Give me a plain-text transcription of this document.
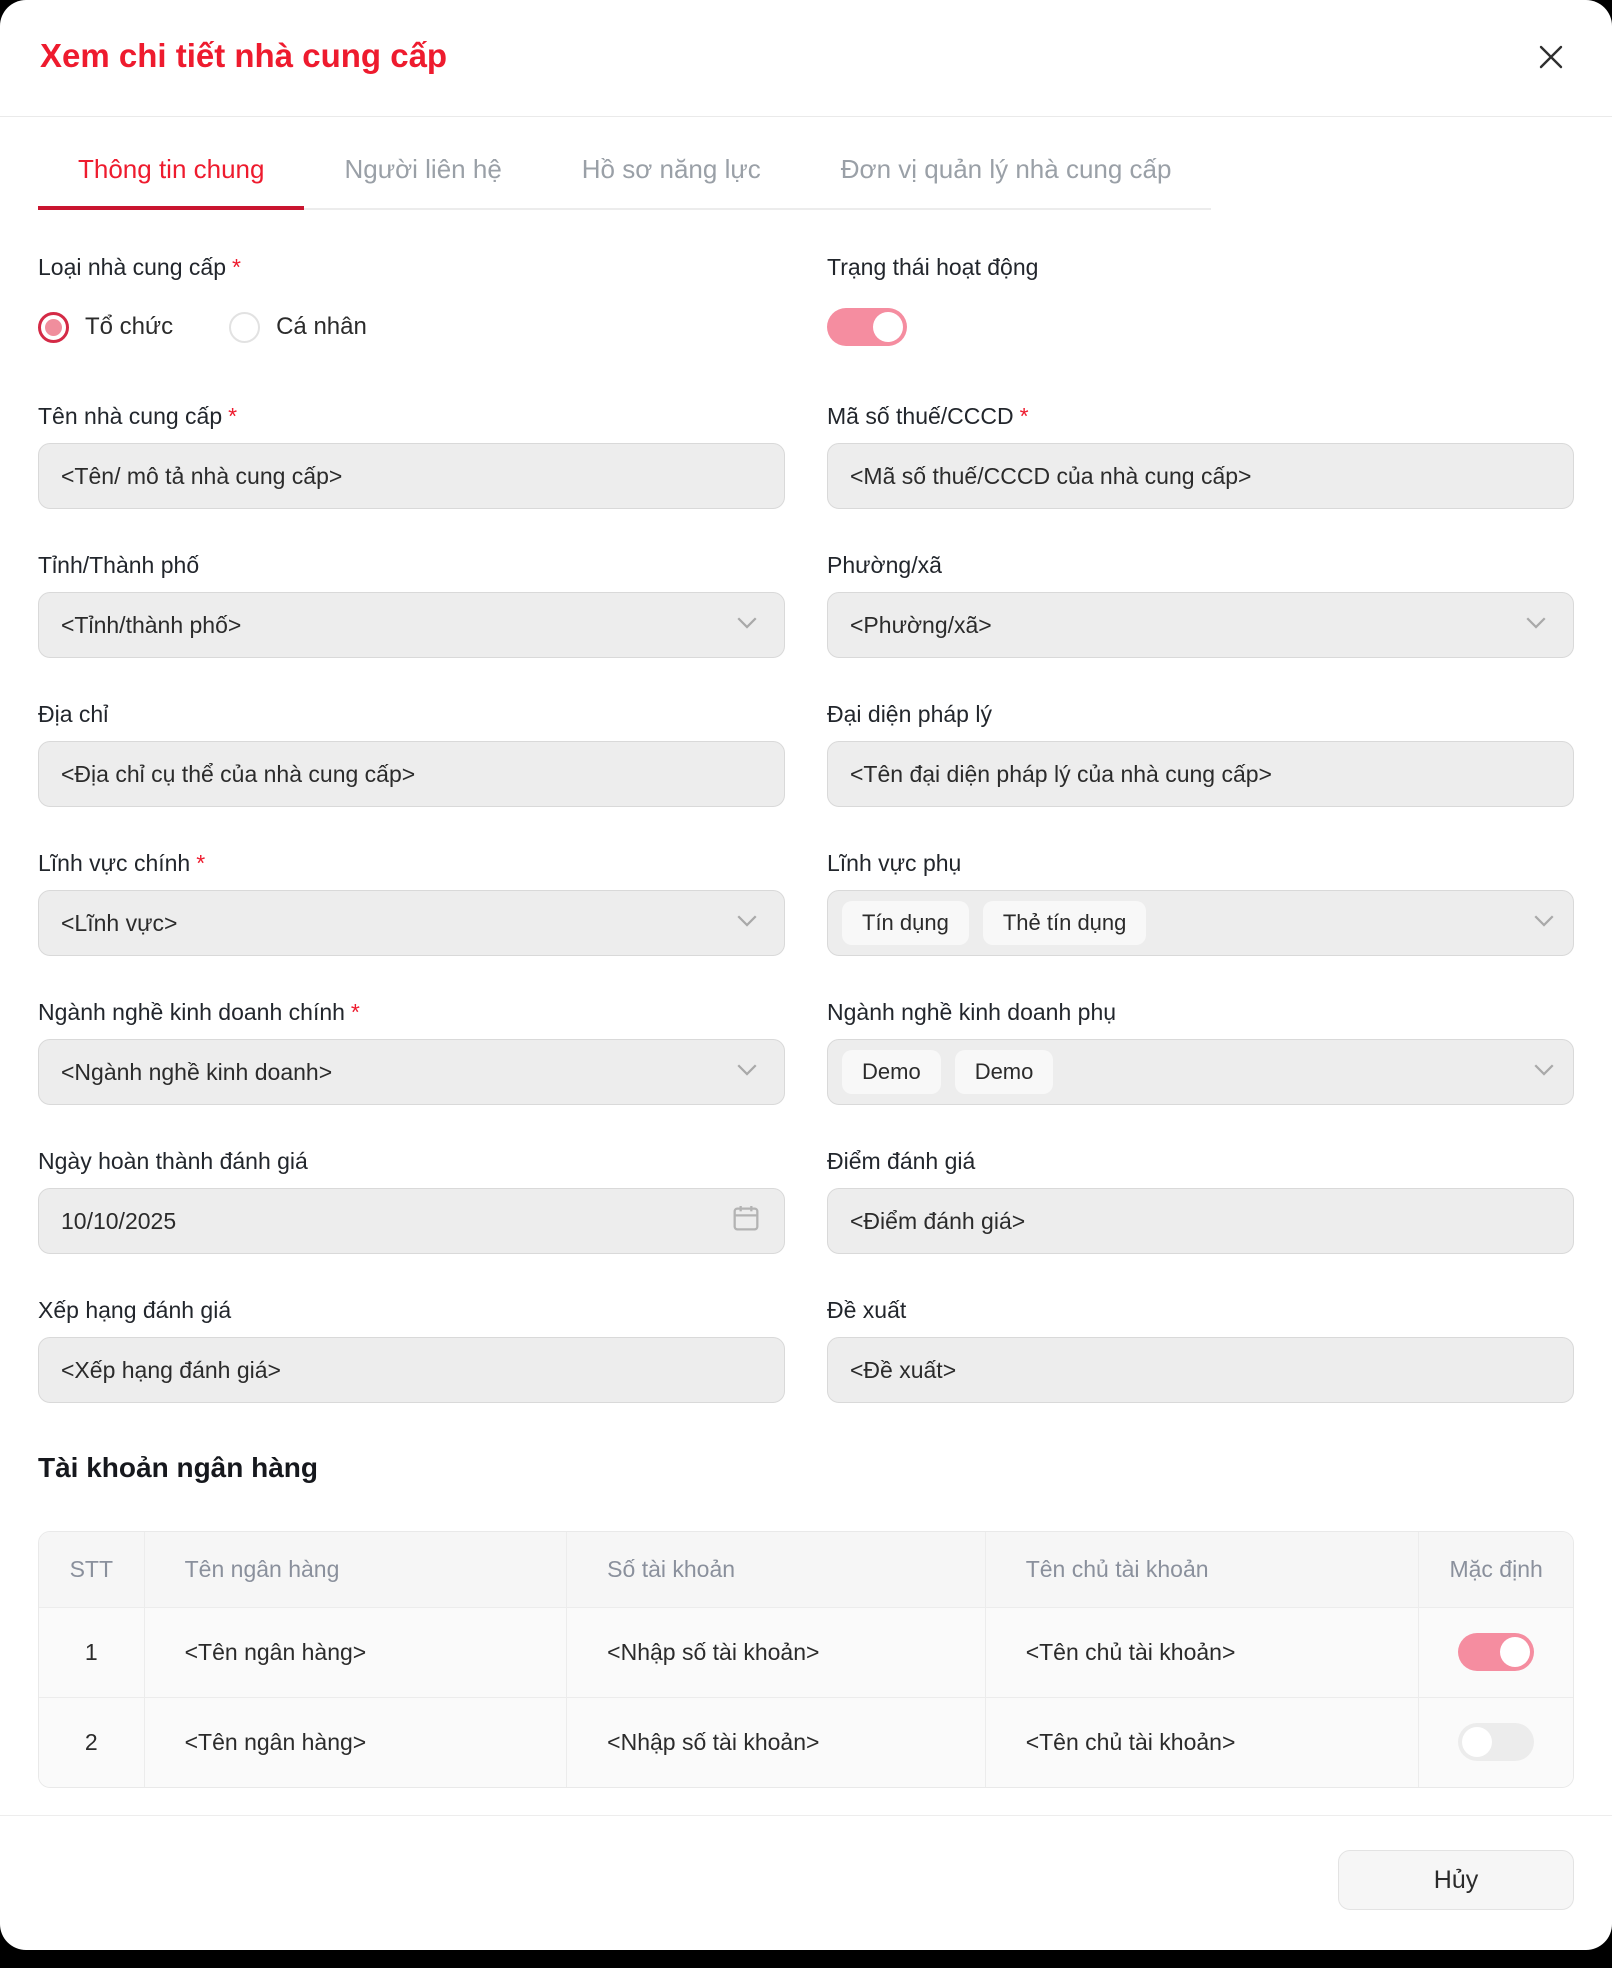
Xem chi tiết nhà cung cấp
Thông tin chung	Người liên hệ	Hồ sơ năng lực	Đơn vị quản lý nhà cung cấp
Loại nhà cung cấp *
Tổ chức	Cá nhân
Trạng thái hoạt động
Tên nhà cung cấp *
<Tên/ mô tả nhà cung cấp>
Mã số thuế/CCCD *
<Mã số thuế/CCCD của nhà cung cấp>
Tỉnh/Thành phố
<Tỉnh/thành phố>
Phường/xã
<Phường/xã>
Địa chỉ
<Địa chỉ cụ thể của nhà cung cấp>
Đại diện pháp lý
<Tên đại diện pháp lý của nhà cung cấp>
Lĩnh vực chính *
<Lĩnh vực>
Lĩnh vực phụ
Tín dụng	Thẻ tín dụng
Ngành nghề kinh doanh chính *
<Ngành nghề kinh doanh>
Ngành nghề kinh doanh phụ
Demo	Demo
Ngày hoàn thành đánh giá
10/10/2025
Điểm đánh giá
<Điểm đánh giá>
Xếp hạng đánh giá
<Xếp hạng đánh giá>
Đề xuất
<Đề xuất>
Tài khoản ngân hàng
STT	Tên ngân hàng	Số tài khoản	Tên chủ tài khoản	Mặc định
1	<Tên ngân hàng>	<Nhập số tài khoản>	<Tên chủ tài khoản>	

2	<Tên ngân hàng>	<Nhập số tài khoản>	<Tên chủ tài khoản>	
Hủy
